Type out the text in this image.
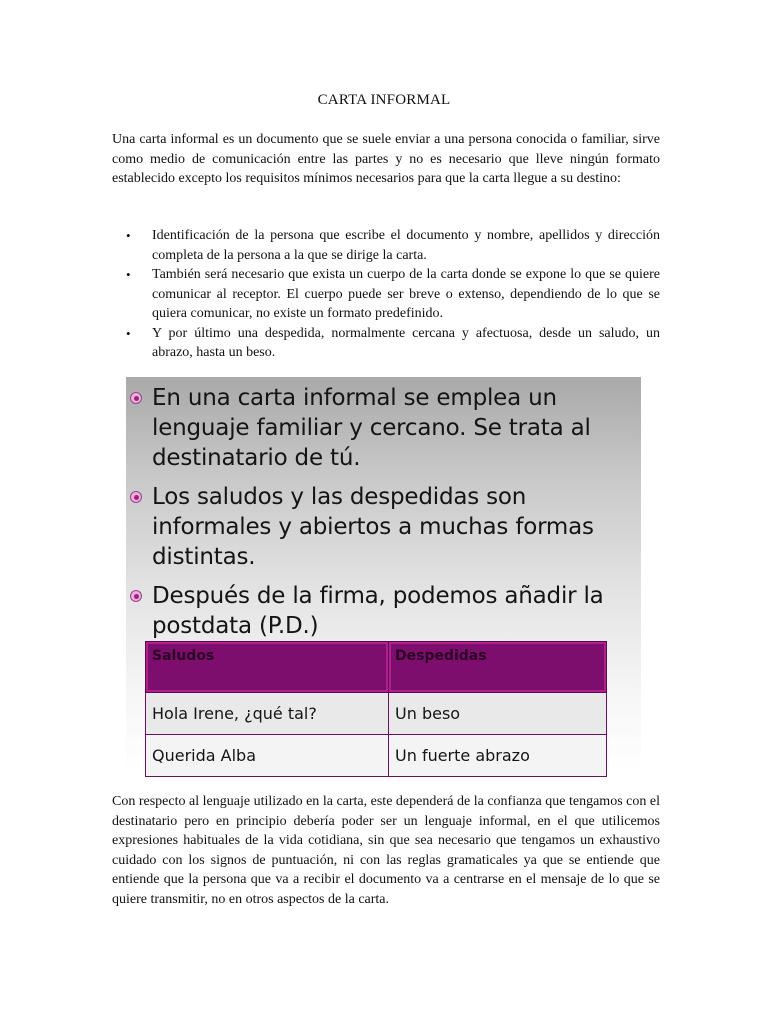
CARTA INFORMAL

Una carta informal es un documento que se suele enviar a una persona conocida o familiar, sirve como medio de comunicación entre las partes y no es necesario que lleve ningún formato establecido excepto los requisitos mínimos necesarios para que la carta llegue a su destino:

• Identificación de la persona que escribe el documento y nombre, apellidos y dirección completa de la persona a la que se dirige la carta.
• También será necesario que exista un cuerpo de la carta donde se expone lo que se quiere comunicar al receptor. El cuerpo puede ser breve o extenso, dependiendo de lo que se quiera comunicar, no existe un formato predefinido.
• Y por último una despedida, normalmente cercana y afectuosa, desde un saludo, un abrazo, hasta un beso.
En una carta informal se emplea un lenguaje familiar y cercano. Se trata al destinatario de tú.
Los saludos y las despedidas son informales y abiertos a muchas formas distintas.
Después de la firma, podemos añadir la postdata (P.D.)
Saludos	Despedidas
Hola Irene, ¿qué tal?	Un beso
Querida Alba	Un fuerte abrazo

Con respecto al lenguaje utilizado en la carta, este dependerá de la confianza que tengamos con el destinatario pero en principio debería poder ser un lenguaje informal, en el que utilicemos expresiones habituales de la vida cotidiana, sin que sea necesario que tengamos un exhaustivo cuidado con los signos de puntuación, ni con las reglas gramaticales ya que se entiende que entiende que la persona que va a recibir el documento va a centrarse en el mensaje de lo que se quiere transmitir, no en otros aspectos de la carta.
